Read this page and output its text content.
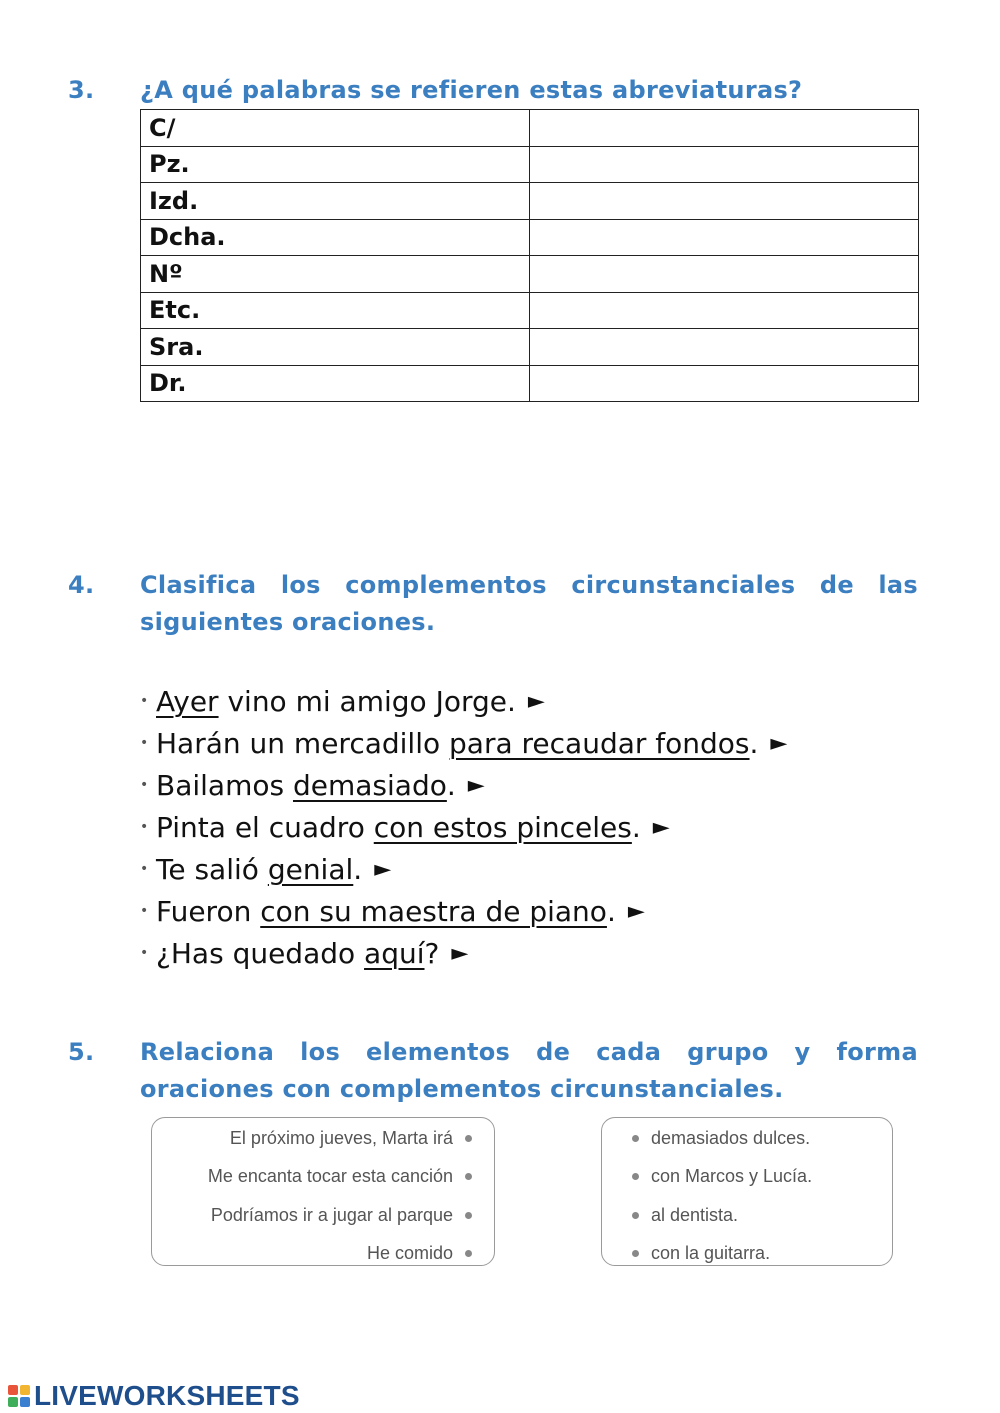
3. ¿A qué palabras se refieren estas abreviaturas?
C/	
Pz.	
Izd.	
Dcha.	
Nº	
Etc.	
Sra.	
Dr.	
4. Clasifica los complementos circunstanciales de las siguientes oraciones.
• Ayer vino mi amigo Jorge. ►
• Harán un mercadillo para recaudar fondos . ►
• Bailamos demasiado . ►
• Pinta el cuadro con estos pinceles . ►
• Te salió genial . ►
• Fueron con su maestra de piano . ►
• ¿Has quedado aquí ? ►
5. Relaciona los elementos de cada grupo y forma oraciones con complementos circunstanciales.
El próximo jueves, Marta irá
Me encanta tocar esta canción
Podríamos ir a jugar al parque
He comido
demasiados dulces.
con Marcos y Lucía.
al dentista.
con la guitarra.
LIVEWORKSHEETS
